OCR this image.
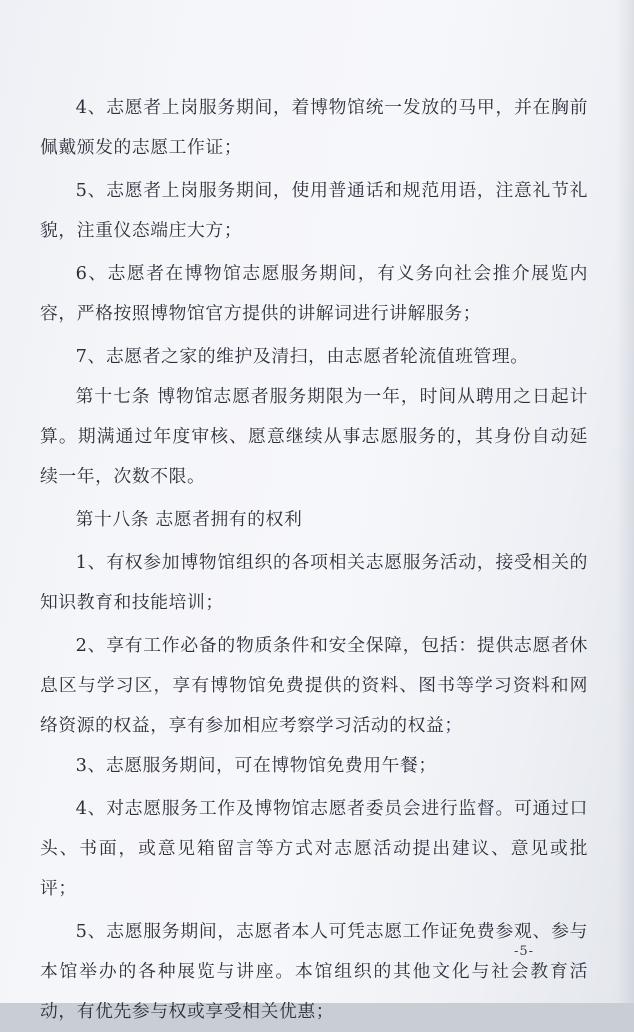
4、志愿者上岗服务期间，着博物馆统一发放的马甲，并在胸前佩戴颁发的志愿工作证；

5、志愿者上岗服务期间，使用普通话和规范用语，注意礼节礼貌，注重仪态端庄大方；

6、志愿者在博物馆志愿服务期间，有义务向社会推介展览内容，严格按照博物馆官方提供的讲解词进行讲解服务；

7、志愿者之家的维护及清扫，由志愿者轮流值班管理。

第十七条 博物馆志愿者服务期限为一年，时间从聘用之日起计算。期满通过年度审核、愿意继续从事志愿服务的，其身份自动延续一年，次数不限。

第十八条 志愿者拥有的权利

1、有权参加博物馆组织的各项相关志愿服务活动，接受相关的知识教育和技能培训；

2、享有工作必备的物质条件和安全保障，包括：提供志愿者休息区与学习区，享有博物馆免费提供的资料、图书等学习资料和网络资源的权益，享有参加相应考察学习活动的权益；

3、志愿服务期间，可在博物馆免费用午餐；

4、对志愿服务工作及博物馆志愿者委员会进行监督。可通过口头、书面，或意见箱留言等方式对志愿活动提出建议、意见或批评；

5、志愿服务期间，志愿者本人可凭志愿工作证免费参观、参与本馆举办的各种展览与讲座。本馆组织的其他文化与社会教育活动，有优先参与权或享受相关优惠；

-5-
